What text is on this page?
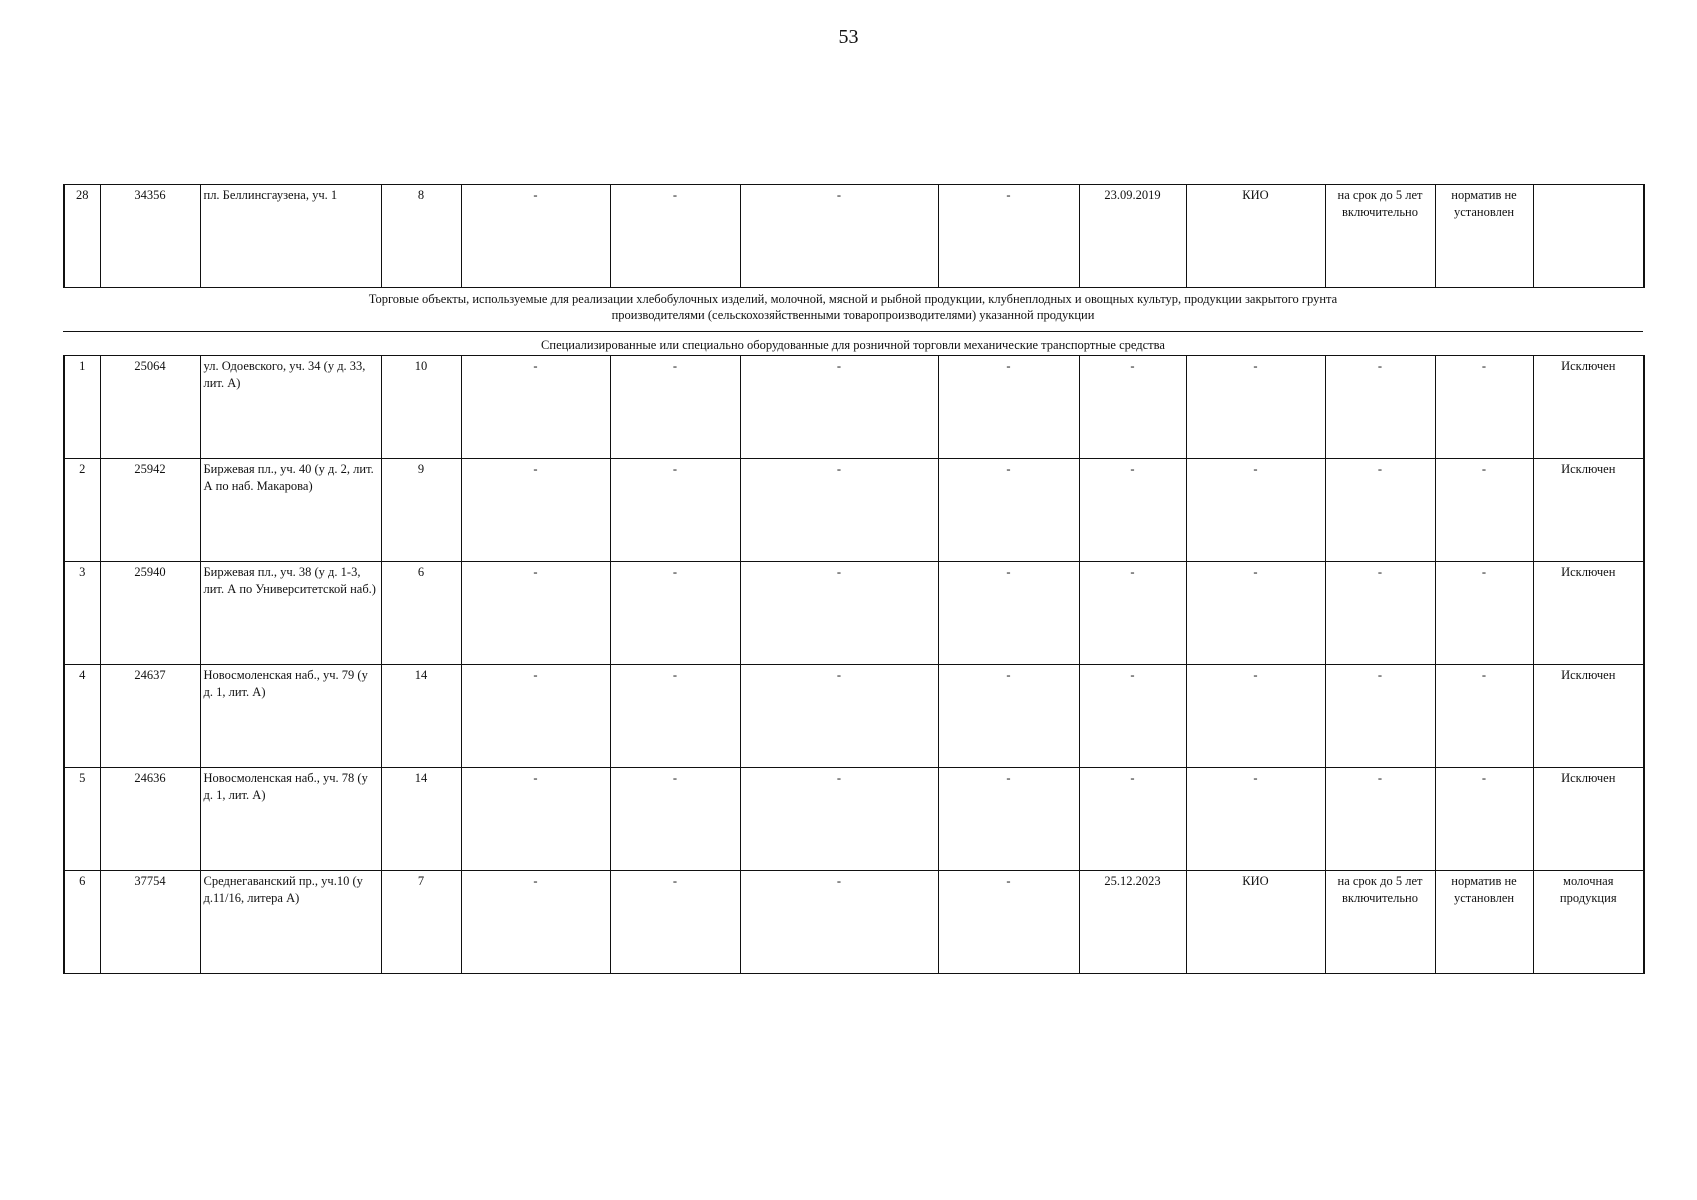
53
28	34356	пл. Беллинсгаузена, уч. 1	8	-	-	-	-	23.09.2019	КИО	на срок до 5 лет включительно	норматив не установлен	
Торговые объекты, используемые для реализации хлебобулочных изделий, молочной, мясной и рыбной продукции, клубнеплодных и овощных культур, продукции закрытого грунта
производителями (сельскохозяйственными товаропроизводителями) указанной продукции
Специализированные или специально оборудованные для розничной торговли механические транспортные средства
1	25064	ул. Одоевского, уч. 34 (у д. 33, лит. А)	10	-	-	-	-	-	-	-	-	Исключен
2	25942	Биржевая пл., уч. 40 (у д. 2, лит. А по наб. Макарова)	9	-	-	-	-	-	-	-	-	Исключен
3	25940	Биржевая пл., уч. 38 (у д. 1-3, лит. А по Университетской наб.)	6	-	-	-	-	-	-	-	-	Исключен
4	24637	Новосмоленская наб., уч. 79 (у д. 1, лит. А)	14	-	-	-	-	-	-	-	-	Исключен
5	24636	Новосмоленская наб., уч. 78 (у д. 1, лит. А)	14	-	-	-	-	-	-	-	-	Исключен
6	37754	Среднегаванский пр., уч.10 (у д.11/16, литера А)	7	-	-	-	-	25.12.2023	КИО	на срок до 5 лет включительно	норматив не установлен	молочная продукция
